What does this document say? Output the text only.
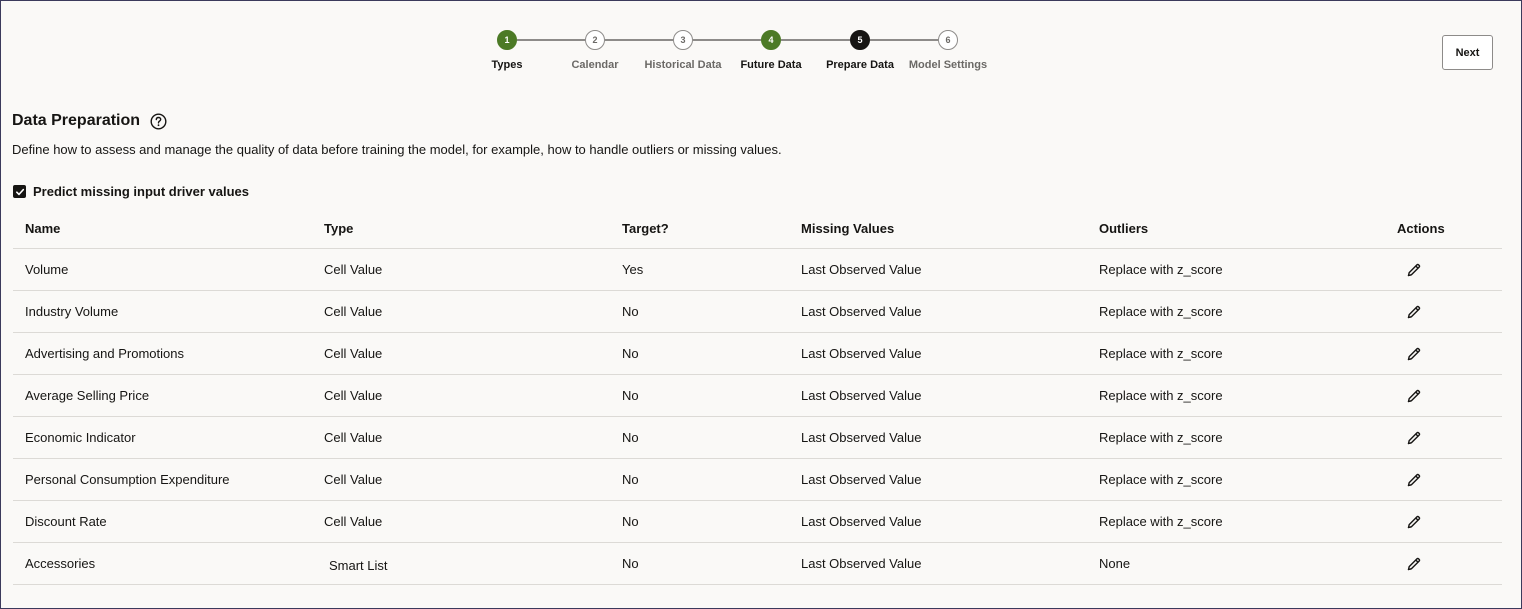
1
Types
2
Calendar
3
Historical Data
4
Future Data
5
Prepare Data
6
Model Settings
Next
Data Preparation
Define how to assess and manage the quality of data before training the model, for example, how to handle outliers or missing values.
Predict missing input driver values
Name	Type	Target?	Missing Values	Outliers	Actions
Volume	Cell Value	Yes	Last Observed Value	Replace with z_score
Industry Volume	Cell Value	No	Last Observed Value	Replace with z_score
Advertising and Promotions	Cell Value	No	Last Observed Value	Replace with z_score
Average Selling Price	Cell Value	No	Last Observed Value	Replace with z_score
Economic Indicator	Cell Value	No	Last Observed Value	Replace with z_score
Personal Consumption Expenditure	Cell Value	No	Last Observed Value	Replace with z_score
Discount Rate	Cell Value	No	Last Observed Value	Replace with z_score
Accessories	Smart List	No	Last Observed Value	None
